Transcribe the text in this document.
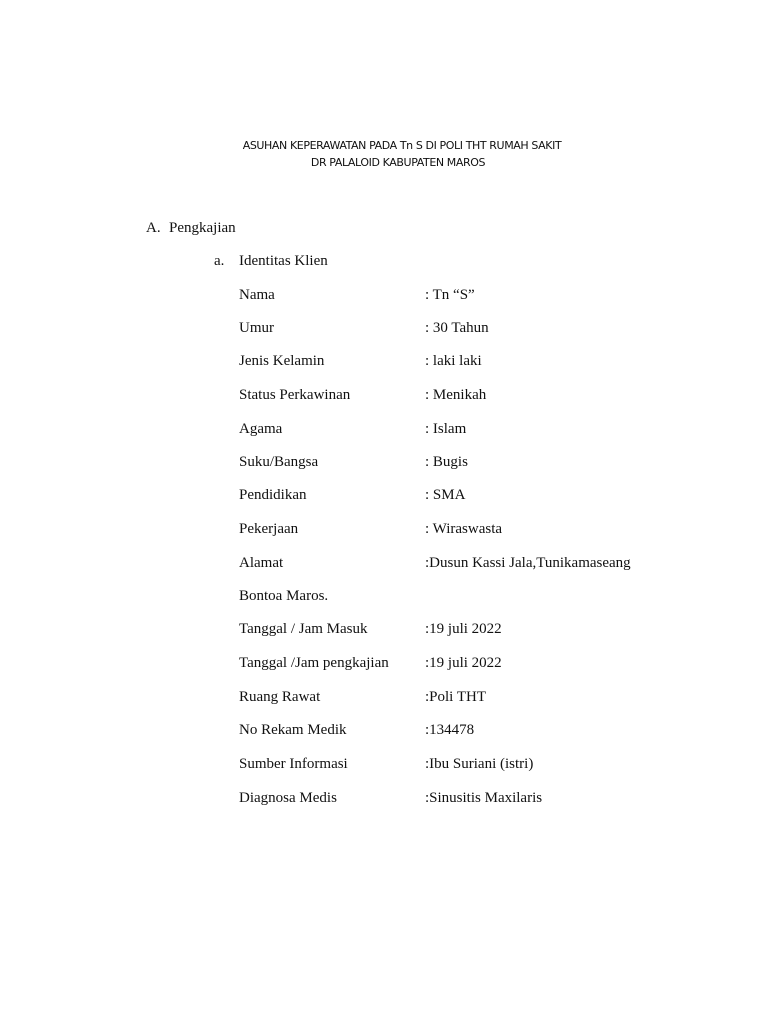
ASUHAN KEPERAWATAN PADA Tn S DI POLI THT RUMAH SAKIT
DR PALALOID KABUPATEN MAROS
A. Pengkajian
a. Identitas Klien
Nama	: Tn “S”
Umur	: 30 Tahun
Jenis Kelamin	: laki laki
Status Perkawinan	: Menikah
Agama	: Islam
Suku/Bangsa	: Bugis
Pendidikan	: SMA
Pekerjaan	: Wiraswasta
Alamat	:Dusun Kassi Jala,Tunikamaseang
Bontoa Maros.
Tanggal / Jam Masuk	:19 juli 2022
Tanggal /Jam pengkajian :19 juli 2022
Ruang Rawat	:Poli THT
No Rekam Medik	:134478
Sumber Informasi	:Ibu Suriani (istri)
Diagnosa Medis	:Sinusitis Maxilaris
